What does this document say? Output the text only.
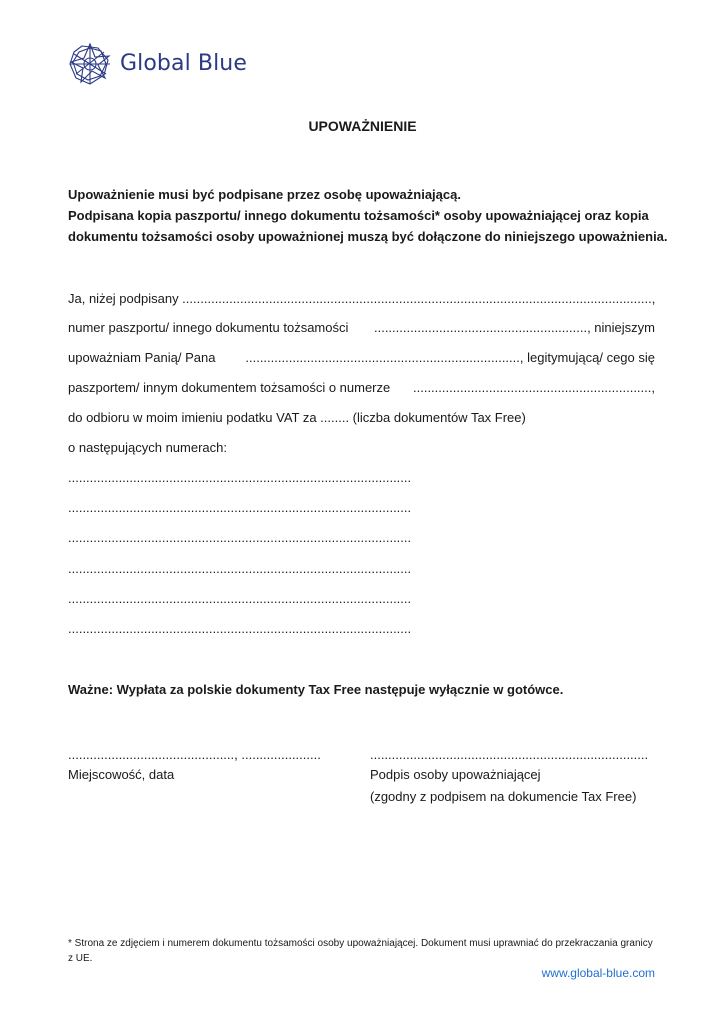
Global Blue
UPOWAŻNIENIE
Upoważnienie musi być podpisane przez osobę upoważniającą.
Podpisana kopia paszportu/ innego dokumentu tożsamości* osoby upoważniającej oraz kopia
dokumentu tożsamości osoby upoważnionej muszą być dołączone do niniejszego upoważnienia.
Ja, niżej podpisany ..................................................................................................................................,
numer paszportu/ innego dokumentu tożsamości ..........................................................., niniejszym
upoważniam Panią/ Pana ............................................................................, legitymującą/ cego się
paszportem/ innym dokumentem tożsamości o numerze ..................................................................,
do odbioru w moim imieniu podatku VAT za ........ (liczba dokumentów Tax Free)
o następujących numerach:
...............................................................................................
...............................................................................................
...............................................................................................
...............................................................................................
...............................................................................................
...............................................................................................
Ważne: Wypłata za polskie dokumenty Tax Free następuje wyłącznie w gotówce.
.............................................., ......................
Miejscowość, data
.............................................................................
Podpis osoby upoważniającej
(zgodny z podpisem na dokumencie Tax Free)
* Strona ze zdjęciem i numerem dokumentu tożsamości osoby upoważniającej. Dokument musi uprawniać do przekraczania granicy z UE.
www.global-blue.com
